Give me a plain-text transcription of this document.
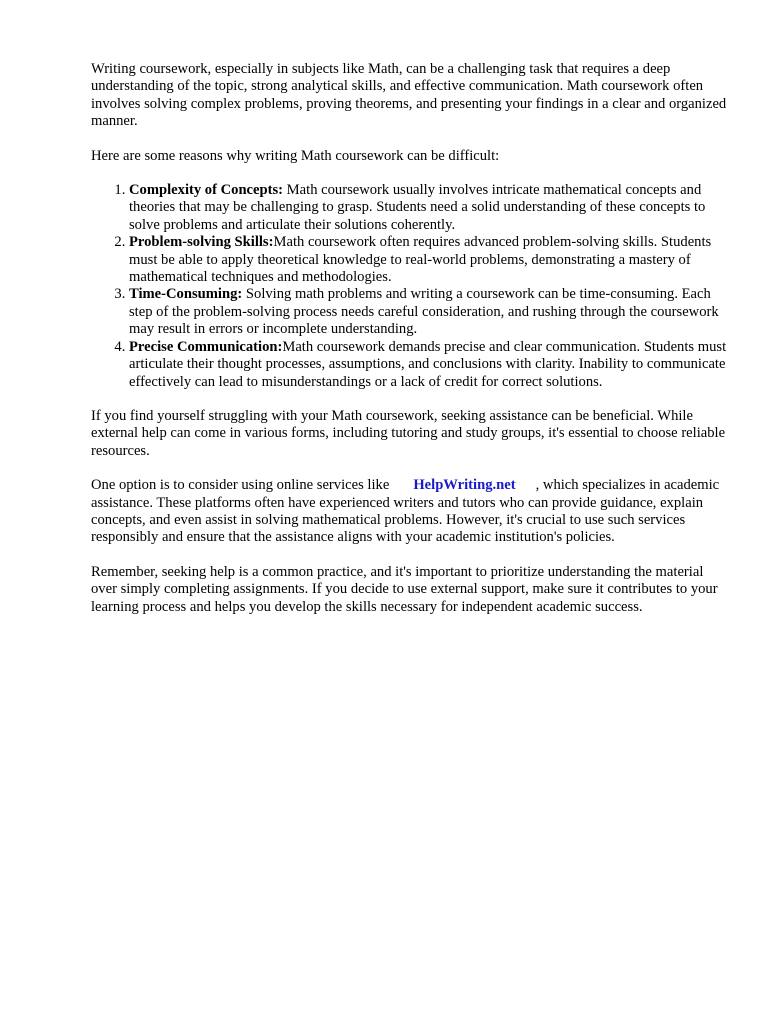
Writing coursework, especially in subjects like Math, can be a challenging task that requires a deep understanding of the topic, strong analytical skills, and effective communication. Math coursework often involves solving complex problems, proving theorems, and presenting your findings in a clear and organized manner.

Here are some reasons why writing Math coursework can be difficult:

1. Complexity of Concepts: Math coursework usually involves intricate mathematical concepts and theories that may be challenging to grasp. Students need a solid understanding of these concepts to solve problems and articulate their solutions coherently.
2. Problem-solving Skills:Math coursework often requires advanced problem-solving skills. Students must be able to apply theoretical knowledge to real-world problems, demonstrating a mastery of mathematical techniques and methodologies.
3. Time-Consuming: Solving math problems and writing a coursework can be time-consuming. Each step of the problem-solving process needs careful consideration, and rushing through the coursework may result in errors or incomplete understanding.
4. Precise Communication:Math coursework demands precise and clear communication. Students must articulate their thought processes, assumptions, and conclusions with clarity. Inability to communicate effectively can lead to misunderstandings or a lack of credit for correct solutions.

If you find yourself struggling with your Math coursework, seeking assistance can be beneficial. While external help can come in various forms, including tutoring and study groups, it's essential to choose reliable resources.

One option is to consider using online services like HelpWriting.net , which specializes in academic assistance. These platforms often have experienced writers and tutors who can provide guidance, explain concepts, and even assist in solving mathematical problems. However, it's crucial to use such services responsibly and ensure that the assistance aligns with your academic institution's policies.

Remember, seeking help is a common practice, and it's important to prioritize understanding the material over simply completing assignments. If you decide to use external support, make sure it contributes to your learning process and helps you develop the skills necessary for independent academic success.
